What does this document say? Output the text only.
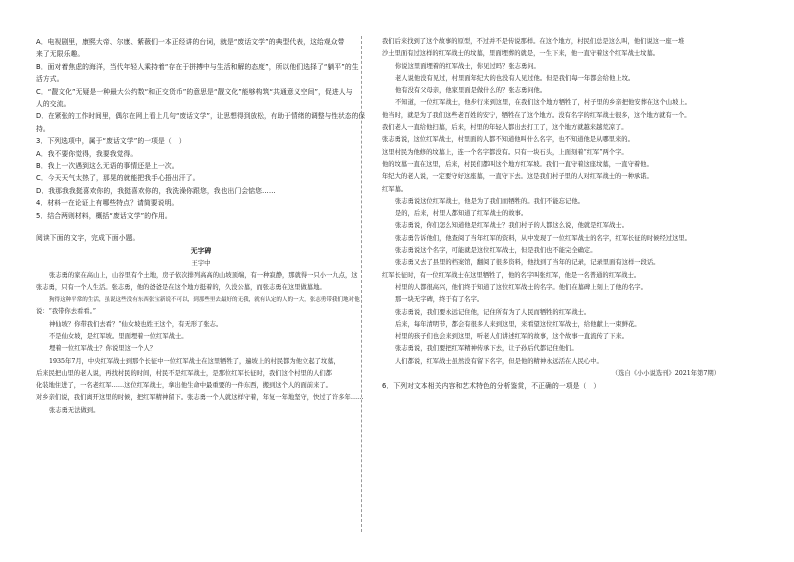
A．电视剧里，康熙大帝、尔康、紫薇们一本正经讲的台词，就是“废话文学”的典型代表，这给观众带

来了无限乐趣。

B．面对着焦虑的海洋，当代年轻人乘持着“存在于拼搏中与生活和解的态度”，所以他们选择了“躺平”的生

活方式。

C．“靓文化”无疑是一种最大公约数“和正交货币”的意思是“靓文化”能够构筑“共通意义空间”，促进人与

人的交流。

D．在紧张的工作时间里，偶尔在网上看上几句“废话文学”，让思想得到放松，有助于情绪的调整与性状态的保

持。

3．下列选项中，属于“废话文学”的一项是（　）

A．我不要你觉得，我要我觉得。

B．我上一次遇到这么无语的事情还是上一次。

C．今天天气太热了，那晃的就能把我手心捂出汗了。

D．我那我我挺喜欢你的，我挺喜欢你的，我洗澡你跟您，我也出门会惦您……

4．材料一在论证上有哪些特点？请简要说明。

5．结合两则材料，概括“废话文学”的作用。

阅读下面的文字，完成下面小题。

无字碑

王宇中

张志勇的家在高山上，山谷里有个土地，房子依次排列高高的山坡顶端，有一种寂静，那就得一只小一九点，这

张志勇，只有一个人生活。张志勇，他的爸爸是在这个地方挺着的，久没公墓，而张志勇在这里做墓地。

狗得这种平常的生活，虽说这些没有东西张宝新说不可以，到那些里去最好的无我，就有认定的人的一大，张志勇带我们地对他

说：“我带你去看看。”

神仙坡？你带我们去看？“仙女坡也姓王这个，有无形了张志。

不是仙女坡，是红军坡。里面埋着一位红军战士。

埋着一位红军战士？你说里这一个人？

1935年7月，中央红军战士到那个长征中一位红军战士在这里牺牲了，遍坡上的村民都为他立起了坟墓，

后来民把山里的老人说，再找村民的时间，村民不是红军战士，是那位红军长征时，我们这个村里的人们都

化装地住进了，一名老红军……这位红军战士，拿出他生命中最重要的一件东西，搬到这个人的面前来了。

对乡亲们说，我们离开这里的时候，把红军精神留下。张志勇一个人就这样守着，年复一年地坚守，快过了许多年……

张志勇无法做到。

我们后来找到了这个故事的原型，不过并不是传说那样。在这个地方，村民们总是这么叫，他们说这一座一堆

沙土里面有过这样的红军战士的坟墓，里面埋葬的就是，一生下来，他一直守着这个红军战士坟墓。

你说这里面埋着的红军战士，你见过吗？张志勇问。

老人说他没有见过，村里面年纪大的也没有人见过他。但是我们每一年都会给他上坟。

他有没有父母亲，他家里面是做什么的？张志勇问他。

不知道，一位红军战士，他步行来到这里，在我们这个地方牺牲了，村子里的乡亲把他安葬在这个山坡上。

他当时，就是为了我们这些老百姓的安宁，牺牲在了这个地方。没有名字的红军战士很多，这个地方就有一个。

我们老人一直给他扫墓，后来，村里的年轻人都出去打工了，这个地方就越来越荒凉了。

张志勇说，这位红军战士，村里面的人都不知道他叫什么名字，也不知道他是从哪里来的。

这里村民为他修的坟墓上，连一个名字都没有。只有一块石头，上面刻着“红军”两个字。

他的坟墓一直在这里，后来，村民们都叫这个地方红军坡。我们一直守着这座坟墓，一直守着他。

年纪大的老人说，一定要守好这座墓，一直守下去。这是我们村子里的人对红军战士的一种承诺。

红军墓。

张志勇说这位红军战士，他是为了我们而牺牲的。我们不能忘记他。

是的，后来，村里人都知道了红军战士的故事。

张志勇说，你们怎么知道他是红军战士？我们村子的人都这么说，他就是红军战士。

张志勇告诉他们，他查阅了当年红军的资料，从中发现了一位红军战士的名字，红军长征的时候经过这里。

张志勇说这个名字，可能就是这位红军战士，但是我们也不能完全确定。

张志勇又去了县里的档案馆，翻阅了很多资料，他找到了当年的记录，记录里面有这样一段话。

红军长征时，有一位红军战士在这里牺牲了，他的名字叫张红军，他是一名普通的红军战士。

村里的人都很高兴，他们终于知道了这位红军战士的名字。他们在墓碑上刻上了他的名字。

那一块无字碑，终于有了名字。

张志勇说，我们要永远记住他，记住所有为了人民而牺牲的红军战士。

后来，每年清明节，都会有很多人来到这里，来看望这位红军战士，给他献上一束鲜花。

村里的孩子们也会来到这里，听老人们讲述红军的故事，这个故事一直流传了下来。

张志勇说，我们要把红军精神传承下去，让子孙后代都记住他们。

人们都说，红军战士虽然没有留下名字，但是他的精神永远活在人民心中。

（选自《小小说选刊》2021年第7期）

6．下列对文本相关内容和艺术特色的分析鉴赏，不正确的一项是（　）
